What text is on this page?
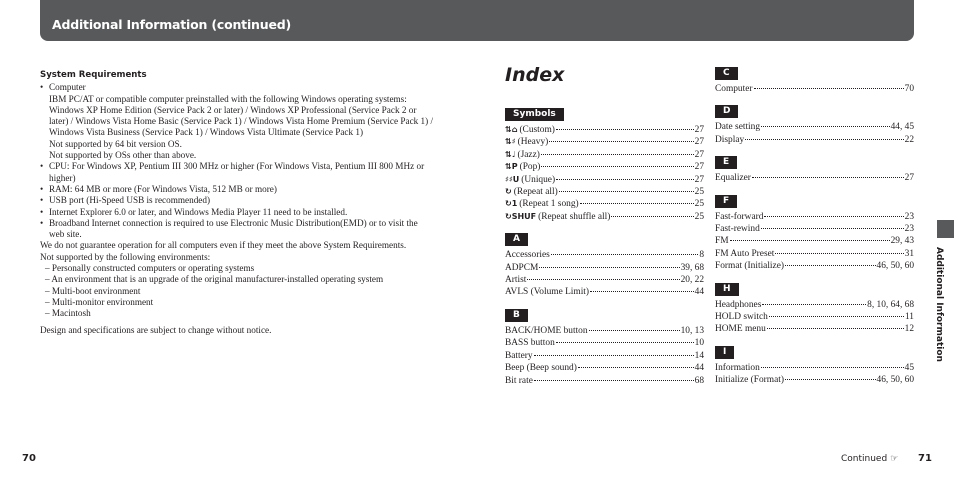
Additional Information (continued)
System Requirements
• Computer
IBM PC/AT or compatible computer preinstalled with the following Windows operating systems:
Windows XP Home Edition (Service Pack 2 or later) / Windows XP Professional (Service Pack 2 or
later) / Windows Vista Home Basic (Service Pack 1) / Windows Vista Home Premium (Service Pack 1) /
Windows Vista Business (Service Pack 1) / Windows Vista Ultimate (Service Pack 1)
Not supported by 64 bit version OS.
Not supported by OSs other than above.
• CPU: For Windows XP, Pentium III 300 MHz or higher (For Windows Vista, Pentium III 800 MHz or
higher)
• RAM: 64 MB or more (For Windows Vista, 512 MB or more)
• USB port (Hi-Speed USB is recommended)
• Internet Explorer 6.0 or later, and Windows Media Player 11 need to be installed.
• Broadband Internet connection is required to use Electronic Music Distribution(EMD) or to visit the
web site.
We do not guarantee operation for all computers even if they meet the above System Requirements.
Not supported by the following environments:
– Personally constructed computers or operating systems
– An environment that is an upgrade of the original manufacturer-installed operating system
– Multi-boot environment
– Multi-monitor environment
– Macintosh
Design and specifications are subject to change without notice.
Index
Symbols
⇅⌂ (Custom)	27
⇅♯ (Heavy)	27
⇅♩ (Jazz)	27
⇅P (Pop)	27
♯♯U (Unique)	27
↻ (Repeat all)	25
↻1 (Repeat 1 song)	25
↻SHUF (Repeat shuffle all)	25
A
Accessories	8
ADPCM	39, 68
Artist	20, 22
AVLS (Volume Limit)	44
B
BACK/HOME button	10, 13
BASS button	10
Battery	14
Beep (Beep sound)	44
Bit rate	68
C
Computer	70
D
Date setting	44, 45
Display	22
E
Equalizer	27
F
Fast-forward	23
Fast-rewind	23
FM	29, 43
FM Auto Preset	31
Format (Initialize)	46, 50, 60
H
Headphones	8, 10, 64, 68
HOLD switch	11
HOME menu	12
I
Information	45
Initialize (Format)	46, 50, 60
Additional Information
70	Continued ☞ 71
